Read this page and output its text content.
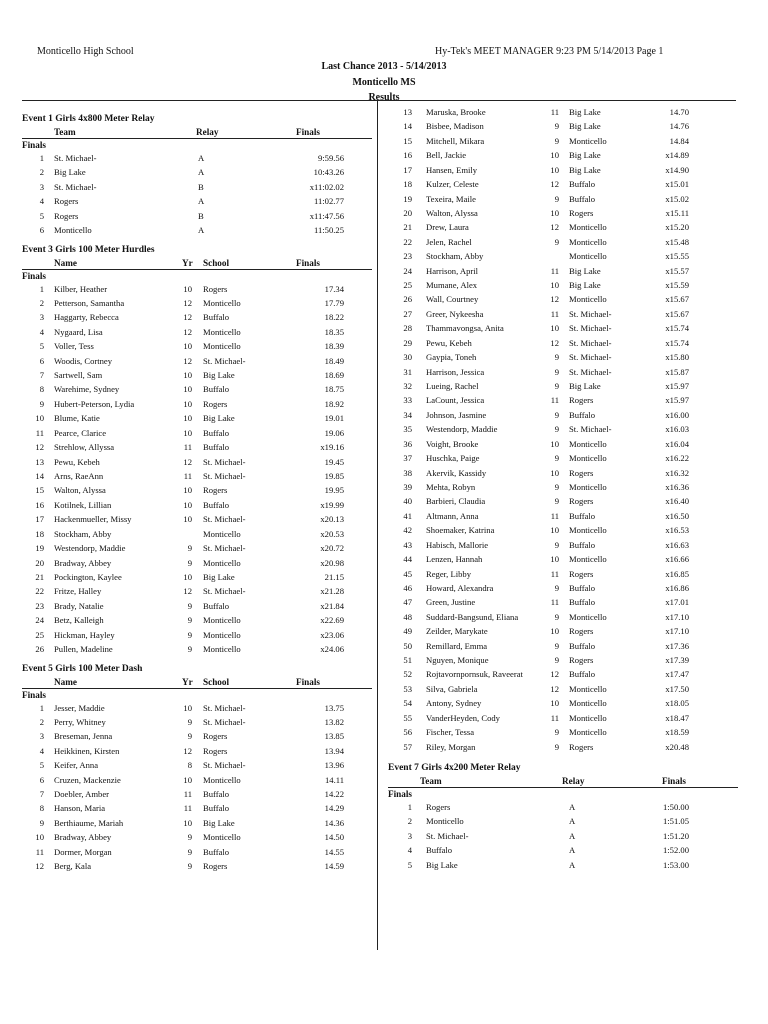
Monticello High School	Hy-Tek's MEET MANAGER 9:23 PM 5/14/2013 Page 1
Last Chance 2013 - 5/14/2013
Monticello MS
Results
Event 1 Girls 4x800 Meter Relay
Team	Relay	Finals
Finals
1 St. Michael-	A	9:59.56
2 Big Lake	A	10:43.26
3 St. Michael-	B	x11:02.02
4 Rogers	A	11:02.77
5 Rogers	B	x11:47.56
6 Monticello	A	11:50.25
Event 3 Girls 100 Meter Hurdles
Name	Yr School	Finals
Finals
1 Kilber, Heather	10 Rogers	17.34
2 Petterson, Samantha	12 Monticello	17.79
3 Haggarty, Rebecca	12 Buffalo	18.22
4 Nygaard, Lisa	12 Monticello	18.35
5 Voller, Tess	10 Monticello	18.39
6 Woodis, Cortney	12 St. Michael-	18.49
7 Sartwell, Sam	10 Big Lake	18.69
8 Warehime, Sydney	10 Buffalo	18.75
9 Hubert-Peterson, Lydia	10 Rogers	18.92
10 Blume, Katie	10 Big Lake	19.01
11 Pearce, Clarice	10 Buffalo	19.06
12 Strehlow, Allyssa	11 Buffalo	x19.16
13 Pewu, Kebeh	12 St. Michael-	19.45
14 Arns, RaeAnn	11 St. Michael-	19.85
15 Walton, Alyssa	10 Rogers	19.95
16 Kotilnek, Lillian	10 Buffalo	x19.99
17 Hackenmueller, Missy	10 St. Michael-	x20.13
18 Stockham, Abby	Monticello	x20.53
19 Westendorp, Maddie	9 St. Michael-	x20.72
20 Bradway, Abbey	9 Monticello	x20.98
21 Pockington, Kaylee	10 Big Lake	21.15
22 Fritze, Halley	12 St. Michael-	x21.28
23 Brady, Natalie	9 Buffalo	x21.84
24 Betz, Kalleigh	9 Monticello	x22.69
25 Hickman, Hayley	9 Monticello	x23.06
26 Pullen, Madeline	9 Monticello	x24.06
Event 5 Girls 100 Meter Dash
Name	Yr School	Finals
Finals
1 Jesser, Maddie	10 St. Michael-	13.75
2 Perry, Whitney	9 St. Michael-	13.82
3 Breseman, Jenna	9 Rogers	13.85
4 Heikkinen, Kirsten	12 Rogers	13.94
5 Keifer, Anna	8 St. Michael-	13.96
6 Cruzen, Mackenzie	10 Monticello	14.11
7 Doebler, Amber	11 Buffalo	14.22
8 Hanson, Maria	11 Buffalo	14.29
9 Berthiaume, Mariah	10 Big Lake	14.36
10 Bradway, Abbey	9 Monticello	14.50
11 Dormer, Morgan	9 Buffalo	14.55
12 Berg, Kala	9 Rogers	14.59
13 Maruska, Brooke	11 Big Lake	14.70
14 Bisbee, Madison	9 Big Lake	14.76
15 Mitchell, Mikara	9 Monticello	14.84
16 Bell, Jackie	10 Big Lake	x14.89
17 Hansen, Emily	10 Big Lake	x14.90
18 Kulzer, Celeste	12 Buffalo	x15.01
19 Texeira, Maile	9 Buffalo	x15.02
20 Walton, Alyssa	10 Rogers	x15.11
21 Drew, Laura	12 Monticello	x15.20
22 Jelen, Rachel	9 Monticello	x15.48
23 Stockham, Abby	Monticello	x15.55
24 Harrison, April	11 Big Lake	x15.57
25 Mumane, Alex	10 Big Lake	x15.59
26 Wall, Courtney	12 Monticello	x15.67
27 Greer, Nykeesha	11 St. Michael-	x15.67
28 Thammavongsa, Anita	10 St. Michael-	x15.74
29 Pewu, Kebeh	12 St. Michael-	x15.74
30 Gaypia, Toneh	9 St. Michael-	x15.80
31 Harrison, Jessica	9 St. Michael-	x15.87
32 Lueing, Rachel	9 Big Lake	x15.97
33 LaCount, Jessica	11 Rogers	x15.97
34 Johnson, Jasmine	9 Buffalo	x16.00
35 Westendorp, Maddie	9 St. Michael-	x16.03
36 Voight, Brooke	10 Monticello	x16.04
37 Huschka, Paige	9 Monticello	x16.22
38 Akervik, Kassidy	10 Rogers	x16.32
39 Mehta, Robyn	9 Monticello	x16.36
40 Barbieri, Claudia	9 Rogers	x16.40
41 Altmann, Anna	11 Buffalo	x16.50
42 Shoemaker, Katrina	10 Monticello	x16.53
43 Habisch, Mallorie	9 Buffalo	x16.63
44 Lenzen, Hannah	10 Monticello	x16.66
45 Reger, Libby	11 Rogers	x16.85
46 Howard, Alexandra	9 Buffalo	x16.86
47 Green, Justine	11 Buffalo	x17.01
48 Suddard-Bangsund, Eliana	9 Monticello	x17.10
49 Zeilder, Marykate	10 Rogers	x17.10
50 Remillard, Emma	9 Buffalo	x17.36
51 Nguyen, Monique	9 Rogers	x17.39
52 Rojtavornpornsuk, Raveerat	12 Buffalo	x17.47
53 Silva, Gabriela	12 Monticello	x17.50
54 Antony, Sydney	10 Monticello	x18.05
55 VanderHeyden, Cody	11 Monticello	x18.47
56 Fischer, Tessa	9 Monticello	x18.59
57 Riley, Morgan	9 Rogers	x20.48
Event 7 Girls 4x200 Meter Relay
Team	Relay	Finals
Finals
1 Rogers	A	1:50.00
2 Monticello	A	1:51.05
3 St. Michael-	A	1:51.20
4 Buffalo	A	1:52.00
5 Big Lake	A	1:53.00
